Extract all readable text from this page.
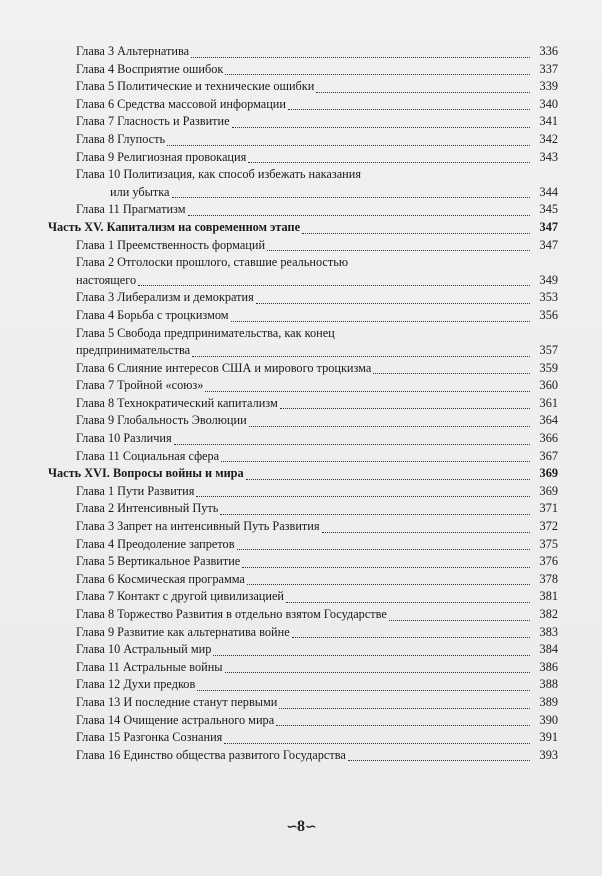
Глава 3 Альтернатива	336
Глава 4 Восприятие ошибок	337
Глава 5 Политические и технические ошибки	339
Глава 6 Средства массовой информации	340
Глава 7 Гласность и Развитие	341
Глава 8 Глупость	342
Глава 9 Религиозная провокация	343
Глава 10 Политизация, как способ избежать наказания
или убытка	344
Глава 11 Прагматизм	345
Часть XV. Капитализм на современном этапе	347
Глава 1 Преемственность формаций	347
Глава 2 Отголоски прошлого, ставшие реальностью
настоящего	349
Глава 3 Либерализм и демократия	353
Глава 4 Борьба с троцкизмом	356
Глава 5 Свобода предпринимательства, как конец
предпринимательства	357
Глава 6 Слияние интересов США и мирового троцкизма	359
Глава 7 Тройной «союз»	360
Глава 8 Технократический капитализм	361
Глава 9 Глобальность Эволюции	364
Глава 10 Различия	366
Глава 11 Социальная сфера	367
Часть XVI. Вопросы войны и мира	369
Глава 1 Пути Развития	369
Глава 2 Интенсивный Путь	371
Глава 3 Запрет на интенсивный Путь Развития	372
Глава 4 Преодоление запретов	375
Глава 5 Вертикальное Развитие	376
Глава 6 Космическая программа	378
Глава 7 Контакт с другой цивилизацией	381
Глава 8 Торжество Развития в отдельно взятом Государстве	382
Глава 9 Развитие как альтернатива войне	383
Глава 10 Астральный мир	384
Глава 11 Астральные войны	386
Глава 12 Духи предков	388
Глава 13 И последние станут первыми	389
Глава 14 Очищение астрального мира	390
Глава 15 Разгонка Сознания	391
Глава 16 Единство общества развитого Государства	393
∽8∽
